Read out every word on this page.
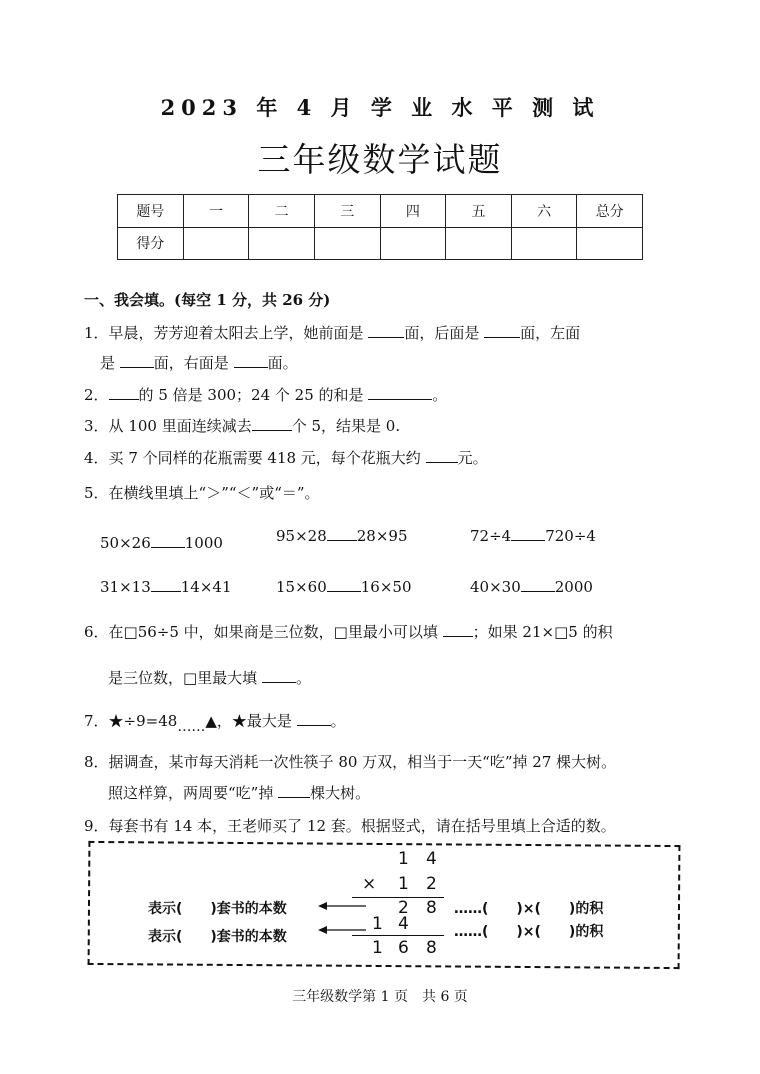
2023 年 4 月 学 业 水 平 测 试
三年级数学试题
题号	一	二	三	四	五	六	总分
得分							
一、我会填。(每空 1 分，共 26 分)
1．早晨，芳芳迎着太阳去上学，她前面是	面，后面是	面，左面
是	面，右面是	面。
2． 的 5 倍是 300；24 个 25 的和是	。
3．从 100 里面连续减去	个 5，结果是 0.
4．买 7 个同样的花瓶需要 418 元，每个花瓶大约 元。
5．在横线里填上“＞”“＜”或“＝”。
50×26 1000	95×28 28×95	72÷4 720÷4
31×13 14×41	15×60 16×50	40×30 2000
6．在□56÷5 中，如果商是三位数，□里最小可以填 ；如果 21×□5 的积
是三位数，□里最大填	。
7．★÷9=48……▲，★最大是	。
8．据调查，某市每天消耗一次性筷子 80 万双，相当于一天“吃”掉 27 棵大树。
照这样算，两周要“吃”掉 棵大树。
9．每套书有 14 本，王老师买了 12 套。根据竖式，请在括号里填上合适的数。
1 4
× 1 2
2 8
1 4
1 6 8
表示(　　)套书的本数
表示(　　)套书的本数
……(　　)×(　　)的积
……(　　)×(　　)的积
三年级数学第 1 页　共 6 页
